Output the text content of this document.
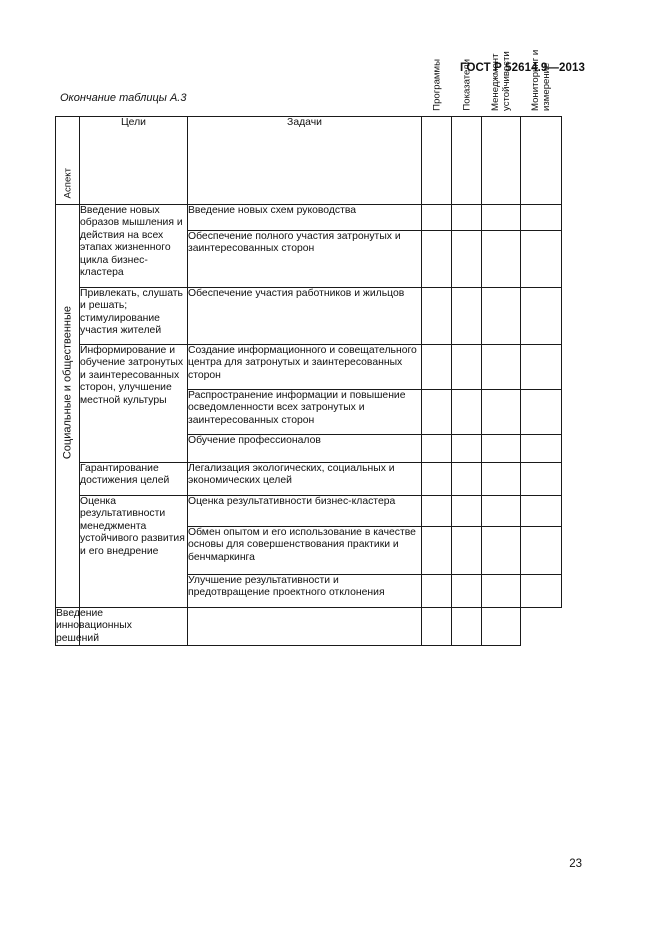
ГОСТ Р 52614.9—2013
Окончание таблицы А.3
Аспект	Цели	Задачи	Программы	Показатели	Менеджмент устойчивости	Мониторинг и измерение

Социальные и общественные	Введение новых образов мышления и действия на всех этапах жизненного цикла бизнес-кластера	Введение новых схем руководства				
		Обеспечение полного участия затронутых и заинтересованных сторон				
	Привлекать, слушать и решать; стимулирование участия жителей	Обеспечение участия работников и жильцов				
	Информирование и обучение затронутых и заинтересованных сторон, улучшение местной культуры	Создание информационного и совещательного центра для затронутых и заинтересованных сторон				
		Распространение информации и повышение осведомленности всех затронутых и заинтересованных сторон				
		Обучение профессионалов				
	Гарантирование достижения целей	Легализация экологических, социальных и экономических целей				
	Оценка результативности менеджмента устойчивого развития и его внедрение	Оценка результативности бизнес-кластера				
		Обмен опытом и его использование в качестве основы для совершенствования практики и бенчмаркинга				
		Улучшение результативности и предотвращение проектного отклонения				
Введение инновационных решений						
23
